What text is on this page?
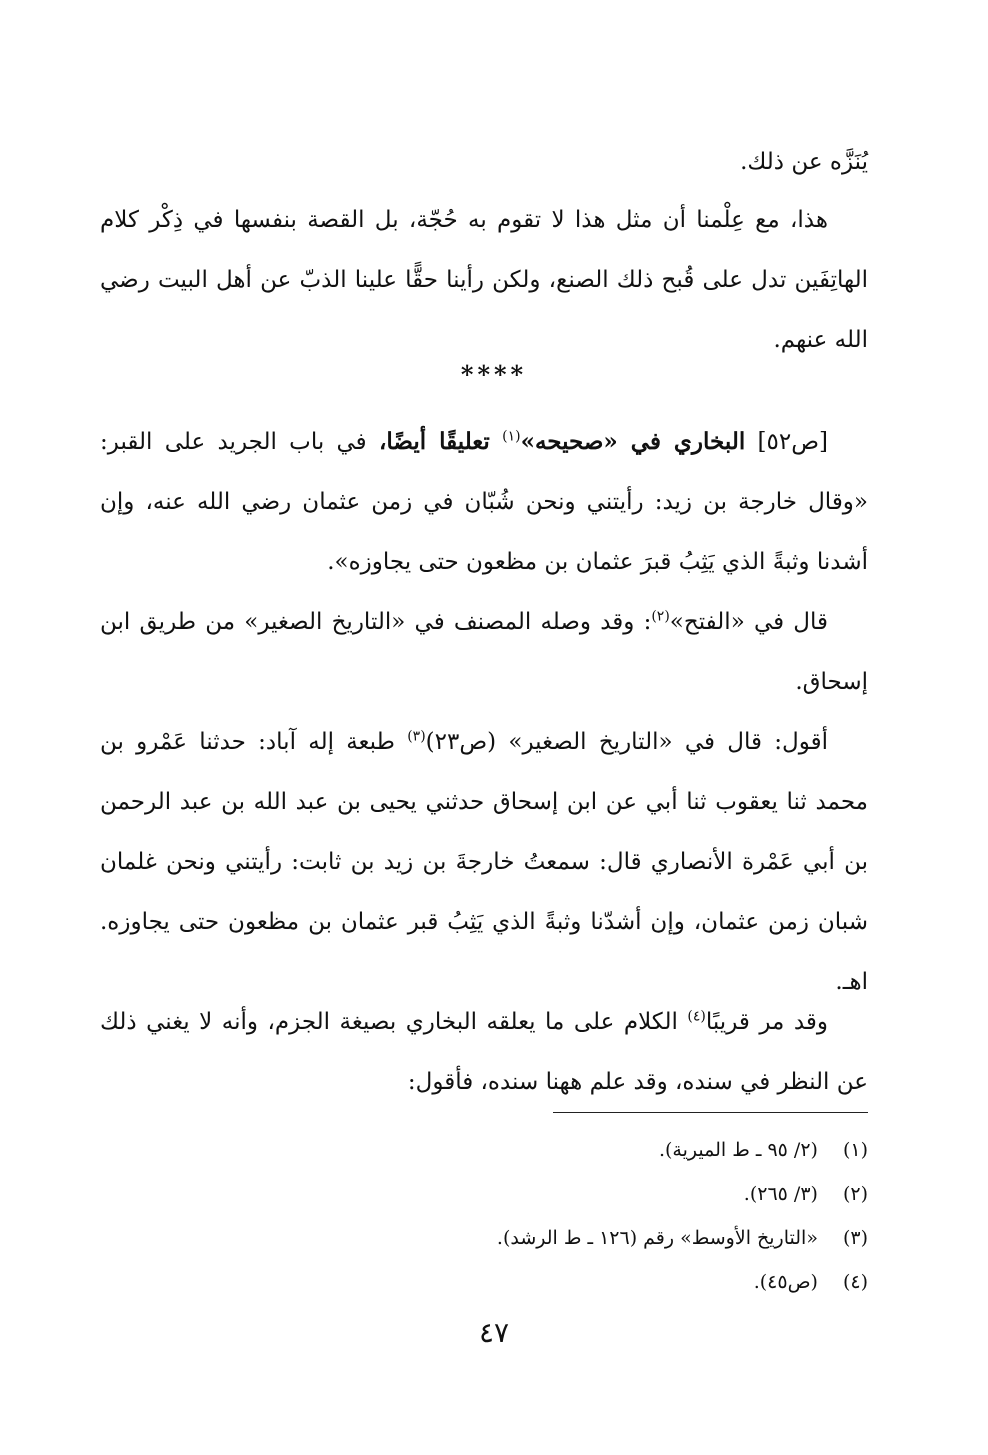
يُنَزَّه عن ذلك.

هذا، مع عِلْمنا أن مثل هذا لا تقوم به حُجّة، بل القصة بنفسها في ذِكْر كلام الهاتِفَين تدل على قُبح ذلك الصنع، ولكن رأينا حقًّا علينا الذبّ عن أهل البيت رضي الله عنهم.

****

[ص٥٢] البخاري في «صحيحه»$^{(١)}$ تعليقًا أيضًا، في باب الجريد على القبر: «وقال خارجة بن زيد: رأيتني ونحن شُبّان في زمن عثمان رضي الله عنه، وإن أشدنا وثبةً الذي يَثِبُ قبرَ عثمان بن مظعون حتى يجاوزه».

قال في «الفتح»$^{(٢)}$: وقد وصله المصنف في «التاريخ الصغير» من طريق ابن إسحاق.

أقول: قال في «التاريخ الصغير» (ص٢٣)$^{(٣)}$ طبعة إله آباد: حدثنا عَمْرو بن محمد ثنا يعقوب ثنا أبي عن ابن إسحاق حدثني يحيى بن عبد الله بن عبد الرحمن بن أبي عَمْرة الأنصاري قال: سمعتُ خارجةَ بن زيد بن ثابت: رأيتني ونحن غلمان شبان زمن عثمان، وإن أشدّنا وثبةً الذي يَثِبُ قبر عثمان بن مظعون حتى يجاوزه. اهـ.

وقد مر قريبًا$^{(٤)}$ الكلام على ما يعلقه البخاري بصيغة الجزم، وأنه لا يغني ذلك عن النظر في سنده، وقد علم ههنا سنده، فأقول:

(١) (٢/ ٩٥ ـ ط الميرية).
(٢) (٣/ ٢٦٥).
(٣) «التاريخ الأوسط» رقم (١٢٦ ـ ط الرشد).
(٤) (ص٤٥).
٤٧
